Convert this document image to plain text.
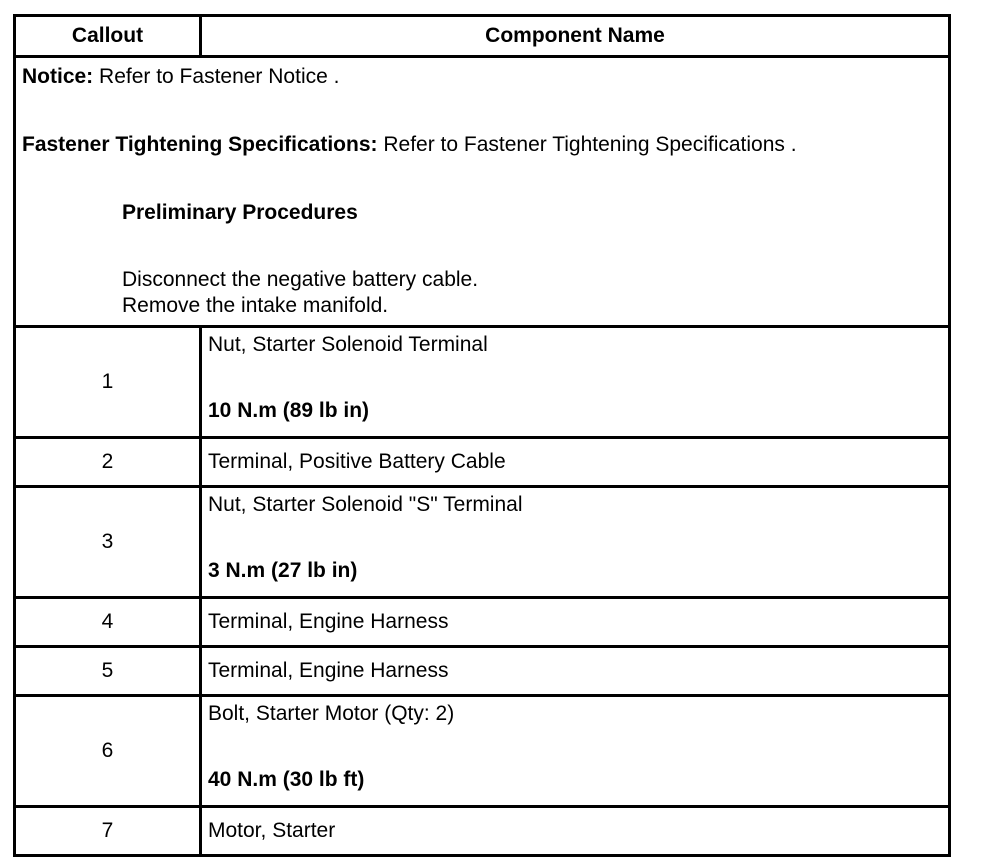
Callout	Component Name

Notice: Refer to Fastener Notice .

Fastener Tightening Specifications: Refer to Fastener Tightening Specifications .

Preliminary Procedures

Disconnect the negative battery cable.

Remove the intake manifold.	

1	Nut, Starter Solenoid Terminal
10 N.m (89 lb in)

2	Terminal, Positive Battery Cable
3	Nut, Starter Solenoid "S" Terminal
3 N.m (27 lb in)

4	Terminal, Engine Harness
5	Terminal, Engine Harness
6	Bolt, Starter Motor (Qty: 2)
40 N.m (30 lb ft)

7	Motor, Starter
